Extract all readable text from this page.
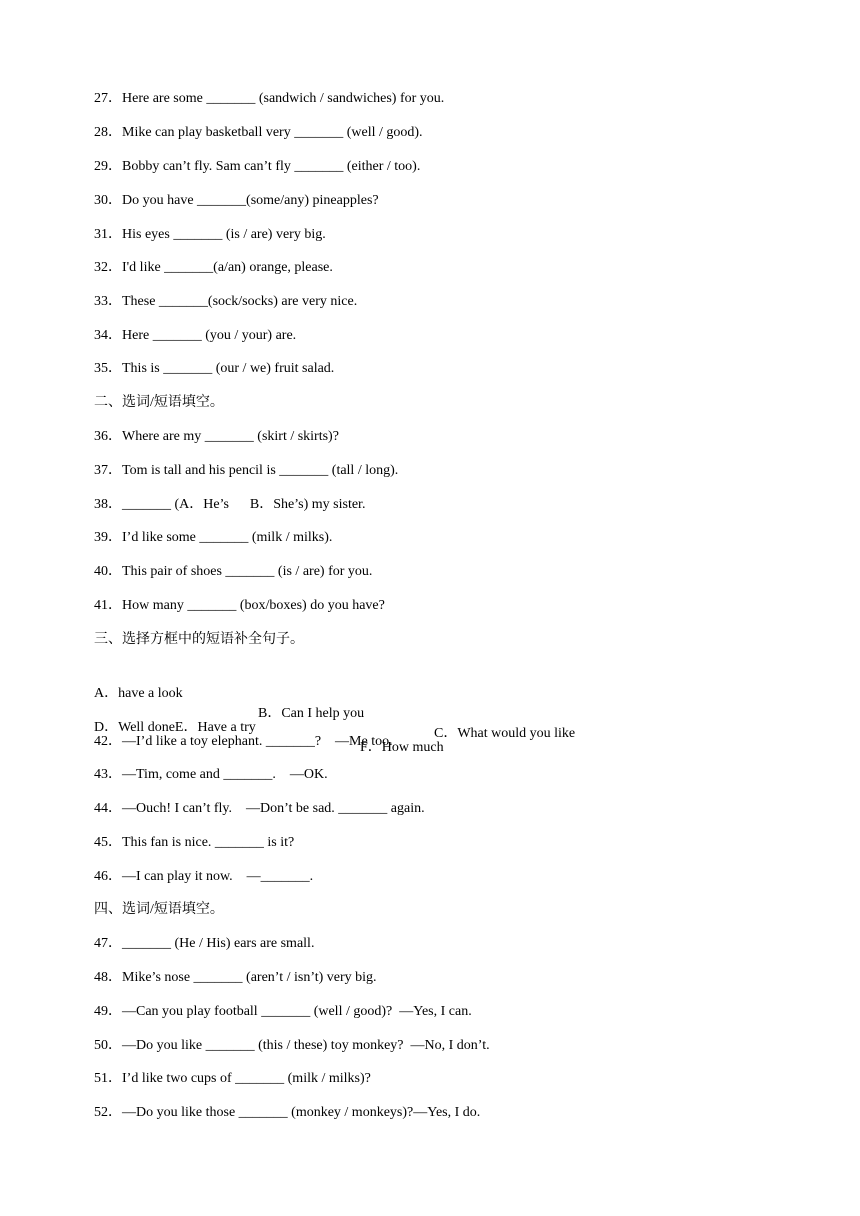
27．Here are some _______ (sandwich / sandwiches) for you.
28．Mike can play basketball very _______ (well / good).
29．Bobby can’t fly. Sam can’t fly _______ (either / too).
30．Do you have _______(some/any) pineapples?
31．His eyes _______ (is / are) very big.
32．I'd like _______(a/an) orange, please.
33．These _______(sock/socks) are very nice.
34．Here _______ (you / your) are.
35．This is _______ (our / we) fruit salad.
二、选词/短语填空。
36．Where are my _______ (skirt / skirts)?
37．Tom is tall and his pencil is _______ (tall / long).
38．_______ (A．He’s　  B．She’s) my sister.
39．I’d like some _______ (milk / milks).
40．This pair of shoes _______ (is / are) for you.
41．How many _______ (box/boxes) do you have?
三、选择方框中的短语补全句子。

A．have a look

B．Can I help you

C．What would you like

D．Well doneE．Have a try

F．How much

42．—I’d like a toy elephant. _______?　—Me too.
43．—Tim, come and _______.　—OK.
44．—Ouch! I can’t fly.　—Don’t be sad. _______ again.
45．This fan is nice. _______ is it?
46．—I can play it now.　—_______.
四、选词/短语填空。
47．_______ (He / His) ears are small.
48．Mike’s nose _______ (aren’t / isn’t) very big.
49．—Can you play football _______ (well / good)?  —Yes, I can.
50．—Do you like _______ (this / these) toy monkey?  —No, I don’t.
51．I’d like two cups of _______ (milk / milks)?
52．—Do you like those _______ (monkey / monkeys)?—Yes, I do.
